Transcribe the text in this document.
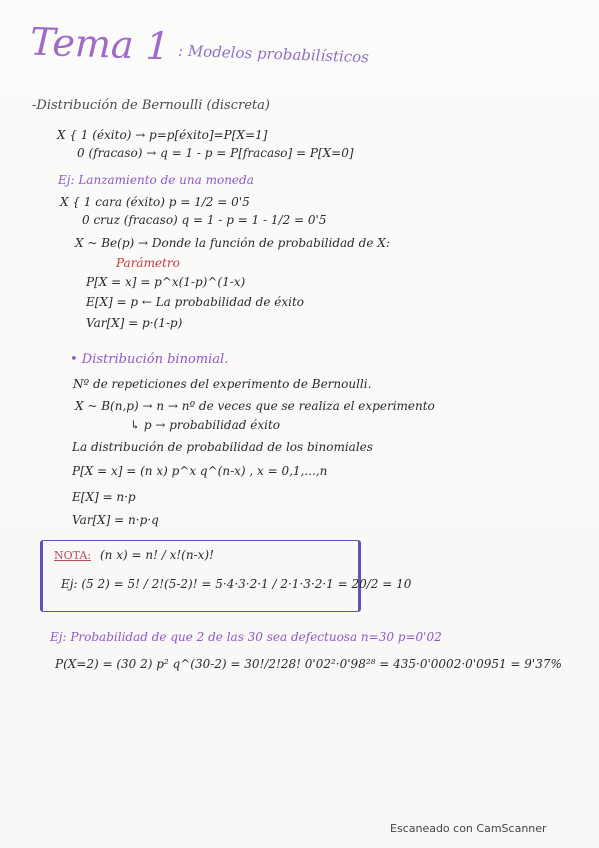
Tema 1 : Modelos probabilísticos
-Distribución de Bernoulli (discreta)
X { 1 (éxito) → p=p[éxito]=P[X=1]
0 (fracaso) → q = 1 - p = P[fracaso] = P[X=0]
Ej: Lanzamiento de una moneda
X { 1 cara (éxito) p = 1/2 = 0'5
0 cruz (fracaso) q = 1 - p = 1 - 1/2 = 0'5
X ~ Be(p) → Donde la función de probabilidad de X:
Parámetro
P[X = x] = p^x(1-p)^(1-x)
E[X] = p ← La probabilidad de éxito
Var[X] = p·(1-p)
• Distribución binomial.
Nº de repeticiones del experimento de Bernoulli.
X ~ B(n,p) → n → nº de veces que se realiza el experimento
↳ p → probabilidad éxito
La distribución de probabilidad de los binomiales
P[X = x] = (n x) p^x q^(n-x) , x = 0,1,...,n
E[X] = n·p
Var[X] = n·p·q
NOTA: (n x) = n! / x!(n-x)!
Ej: (5 2) = 5! / 2!(5-2)! = 5·4·3·2·1 / 2·1·3·2·1 = 20/2 = 10
Ej: Probabilidad de que 2 de las 30 sea defectuosa n=30 p=0'02
P(X=2) = (30 2) p² q^(30-2) = 30!/2!28! 0'02²·0'98²⁸ = 435·0'0002·0'0951 = 9'37%
Escaneado con CamScanner
